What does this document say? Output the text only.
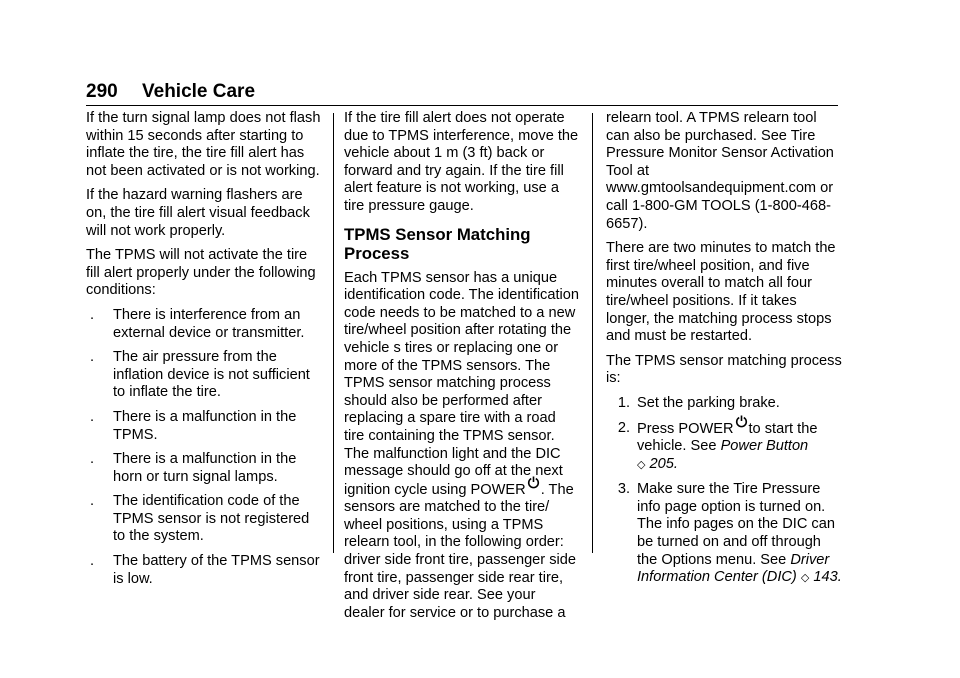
290 Vehicle Care

If the turn signal lamp does not flash within 15 seconds after starting to inflate the tire, the tire fill alert has not been activated or is not working.

If the hazard warning flashers are on, the tire fill alert visual feedback will not work properly.

The TPMS will not activate the tire fill alert properly under the following conditions:

.	There is interference from an external device or transmitter.
.	The air pressure from the inflation device is not sufficient to inflate the tire.
.	There is a malfunction in the TPMS.
.	There is a malfunction in the horn or turn signal lamps.
.	The identification code of the TPMS sensor is not registered to the system.
.	The battery of the TPMS sensor is low.

If the tire fill alert does not operate due to TPMS interference, move the vehicle about 1 m (3 ft) back or forward and try again. If the tire fill alert feature is not working, use a tire pressure gauge.

TPMS Sensor Matching Process

Each TPMS sensor has a unique identification code. The identification code needs to be matched to a new tire/wheel position after rotating the vehicle s tires or replacing one or more of the TPMS sensors. The TPMS sensor matching process should also be performed after replacing a spare tire with a road tire containing the TPMS sensor. The malfunction light and the DIC message should go off at the next ignition cycle using POWER . The sensors are matched to the tire/ wheel positions, using a TPMS relearn tool, in the following order: driver side front tire, passenger side front tire, passenger side rear tire, and driver side rear. See your dealer for service or to purchase a

relearn tool. A TPMS relearn tool can also be purchased. See Tire Pressure Monitor Sensor Activation Tool at www.gmtoolsandequipment.com or call 1-800-GM TOOLS (1-800-468-6657).

There are two minutes to match the first tire/wheel position, and five minutes overall to match all four tire/wheel positions. If it takes longer, the matching process stops and must be restarted.

The TPMS sensor matching process is:

1. Set the parking brake.
2. Press POWER to start the vehicle. See Power Button
◇ 205.
3. Make sure the Tire Pressure info page option is turned on. The info pages on the DIC can be turned on and off through the Options menu. See Driver Information Center (DIC) ◇ 143.
